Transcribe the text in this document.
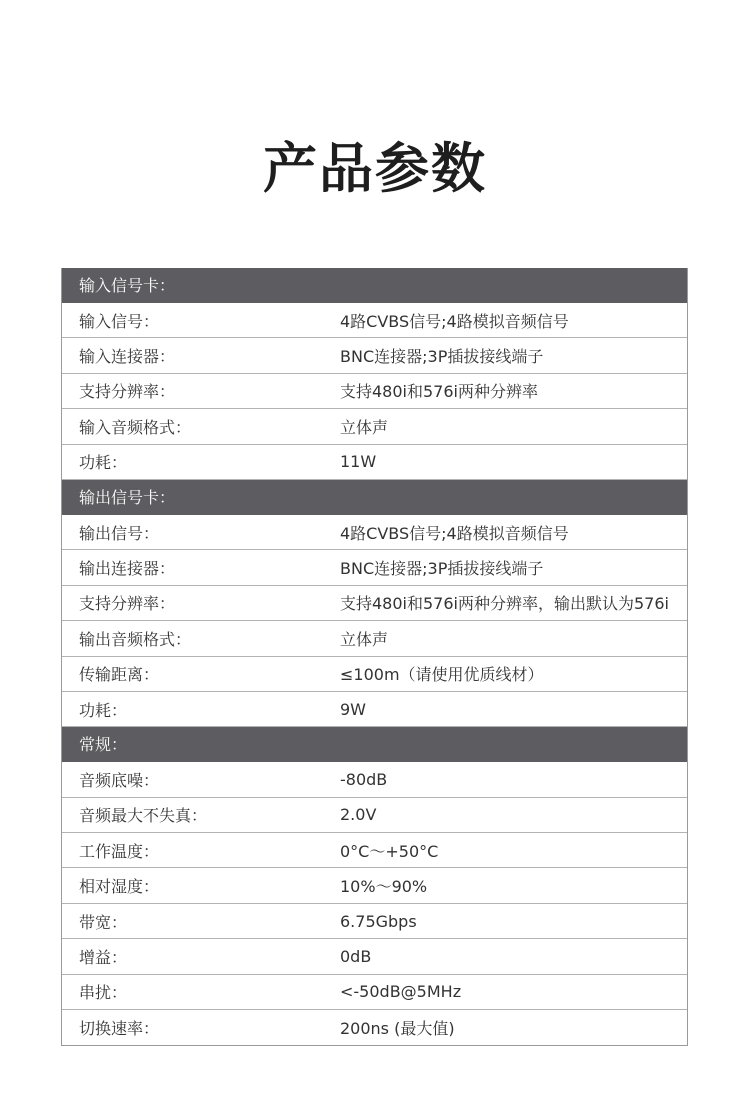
产品参数
输入信号卡：
输入信号：	4路CVBS信号;4路模拟音频信号
输入连接器：	BNC连接器;3P插拔接线端子
支持分辨率：	支持480i和576i两种分辨率
输入音频格式：	立体声
功耗：	11W
输出信号卡：
输出信号：	4路CVBS信号;4路模拟音频信号
输出连接器：	BNC连接器;3P插拔接线端子
支持分辨率：	支持480i和576i两种分辨率，输出默认为576i
输出音频格式：	立体声
传输距离：	≤100m（请使用优质线材）
功耗：	9W
常规：
音频底噪：	-80dB
音频最大不失真：	2.0V
工作温度：	0°C～+50°C
相对湿度：	10%～90%
带宽：	6.75Gbps
增益：	0dB
串扰：	<-50dB@5MHz
切换速率：	200ns (最大值)
